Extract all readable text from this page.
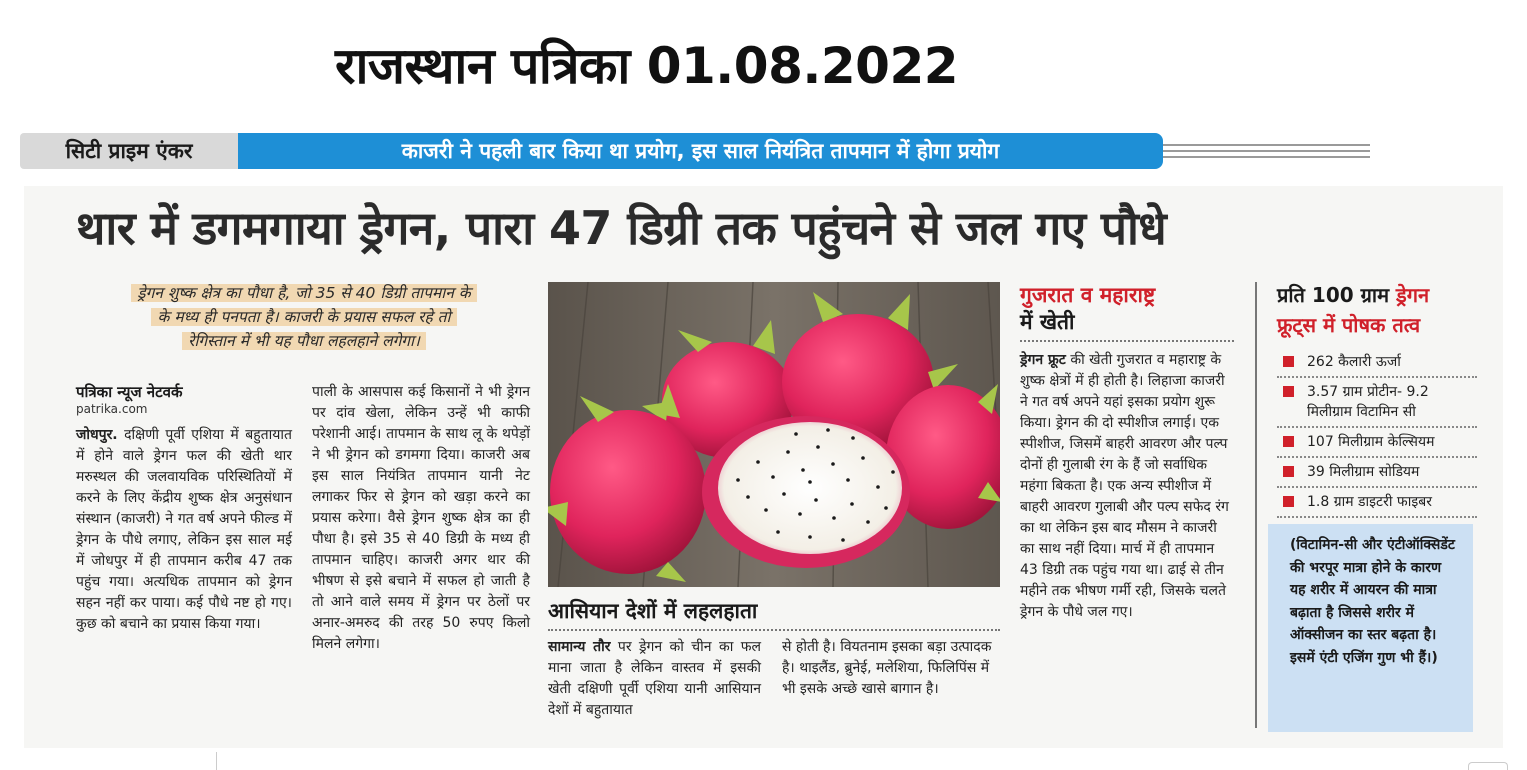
राजस्थान पत्रिका 01.08.2022
सिटी प्राइम एंकर	काजरी ने पहली बार किया था प्रयोग, इस साल नियंत्रित तापमान में होगा प्रयोग
थार में डगमगाया ड्रेगन, पारा 47 डिग्री तक पहुंचने से जल गए पौधे
ड्रेगन शुष्क क्षेत्र का पौधा है, जो 35 से 40 डिग्री तापमान के
के मध्य ही पनपता है। काजरी के प्रयास सफल रहे तो
रेगिस्तान में भी यह पौधा लहलहाने लगेगा।
पत्रिका न्यूज नेटवर्क
patrika.com
जोधपुर. दक्षिणी पूर्वी एशिया में बहुतायात में होने वाले ड्रेगन फल की खेती थार मरुस्थल की जलवायविक परिस्थितियों में करने के लिए केंद्रीय शुष्क क्षेत्र अनुसंधान संस्थान (काजरी) ने गत वर्ष अपने फील्ड में ड्रेगन के पौधे लगाए, लेकिन इस साल मई में जोधपुर में ही तापमान करीब 47 तक पहुंच गया। अत्यधिक तापमान को ड्रेगन सहन नहीं कर पाया। कई पौधे नष्ट हो गए। कुछ को बचाने का प्रयास किया गया।
पाली के आसपास कई किसानों ने भी ड्रेगन पर दांव खेला, लेकिन उन्हें भी काफी परेशानी आई। तापमान के साथ लू के थपेड़ों ने भी ड्रेगन को डगमगा दिया। काजरी अब इस साल नियंत्रित तापमान यानी नेट लगाकर फिर से ड्रेगन को खड़ा करने का प्रयास करेगा। वैसे ड्रेगन शुष्क क्षेत्र का ही पौधा है। इसे 35 से 40 डिग्री के मध्य ही तापमान चाहिए। काजरी अगर थार की भीषण से इसे बचाने में सफल हो जाती है तो आने वाले समय में ड्रेगन पर ठेलों पर अनार-अमरुद की तरह 50 रुपए किलो मिलने लगेगा।
आसियान देशों में लहलहाता
सामान्य तौर पर ड्रेगन को चीन का फल माना जाता है लेकिन वास्तव में इसकी खेती दक्षिणी पूर्वी एशिया यानी आसियान देशों में बहुतायात
से होती है। वियतनाम इसका बड़ा उत्पादक है। थाइलैंड, ब्रुनेई, मलेशिया, फिलिपिंस में भी इसके अच्छे खासे बागान है।
गुजरात व महाराष्ट्र
में खेती
ड्रेगन फ्रूट की खेती गुजरात व महाराष्ट्र के शुष्क क्षेत्रों में ही होती है। लिहाजा काजरी ने गत वर्ष अपने यहां इसका प्रयोग शुरू किया। ड्रेगन की दो स्पीशीज लगाई। एक स्पीशीज, जिसमें बाहरी आवरण और पल्प दोनों ही गुलाबी रंग के हैं जो सर्वाधिक महंगा बिकता है। एक अन्य स्पीशीज में बाहरी आवरण गुलाबी और पल्प सफेद रंग का था लेकिन इस बाद मौसम ने काजरी का साथ नहीं दिया। मार्च में ही तापमान 43 डिग्री तक पहुंच गया था। ढाई से तीन महीने तक भीषण गर्मी रही, जिसके चलते ड्रेगन के पौधे जल गए।
प्रति 100 ग्राम ड्रेगन
फ्रूट्स में पोषक तत्व
262 कैलारी ऊर्जा
3.57 ग्राम प्रोटीन- 9.2 मिलीग्राम विटामिन सी
107 मिलीग्राम केल्सियम
39 मिलीग्राम सोडियम
1.8 ग्राम डाइटरी फाइबर
(विटामिन-सी और एंटीऑक्सिडेंट की भरपूर मात्रा होने के कारण यह शरीर में आयरन की मात्रा बढ़ाता है जिससे शरीर में ऑक्सीजन का स्तर बढ़ता है। इसमें एंटी एजिंग गुण भी हैं।)
